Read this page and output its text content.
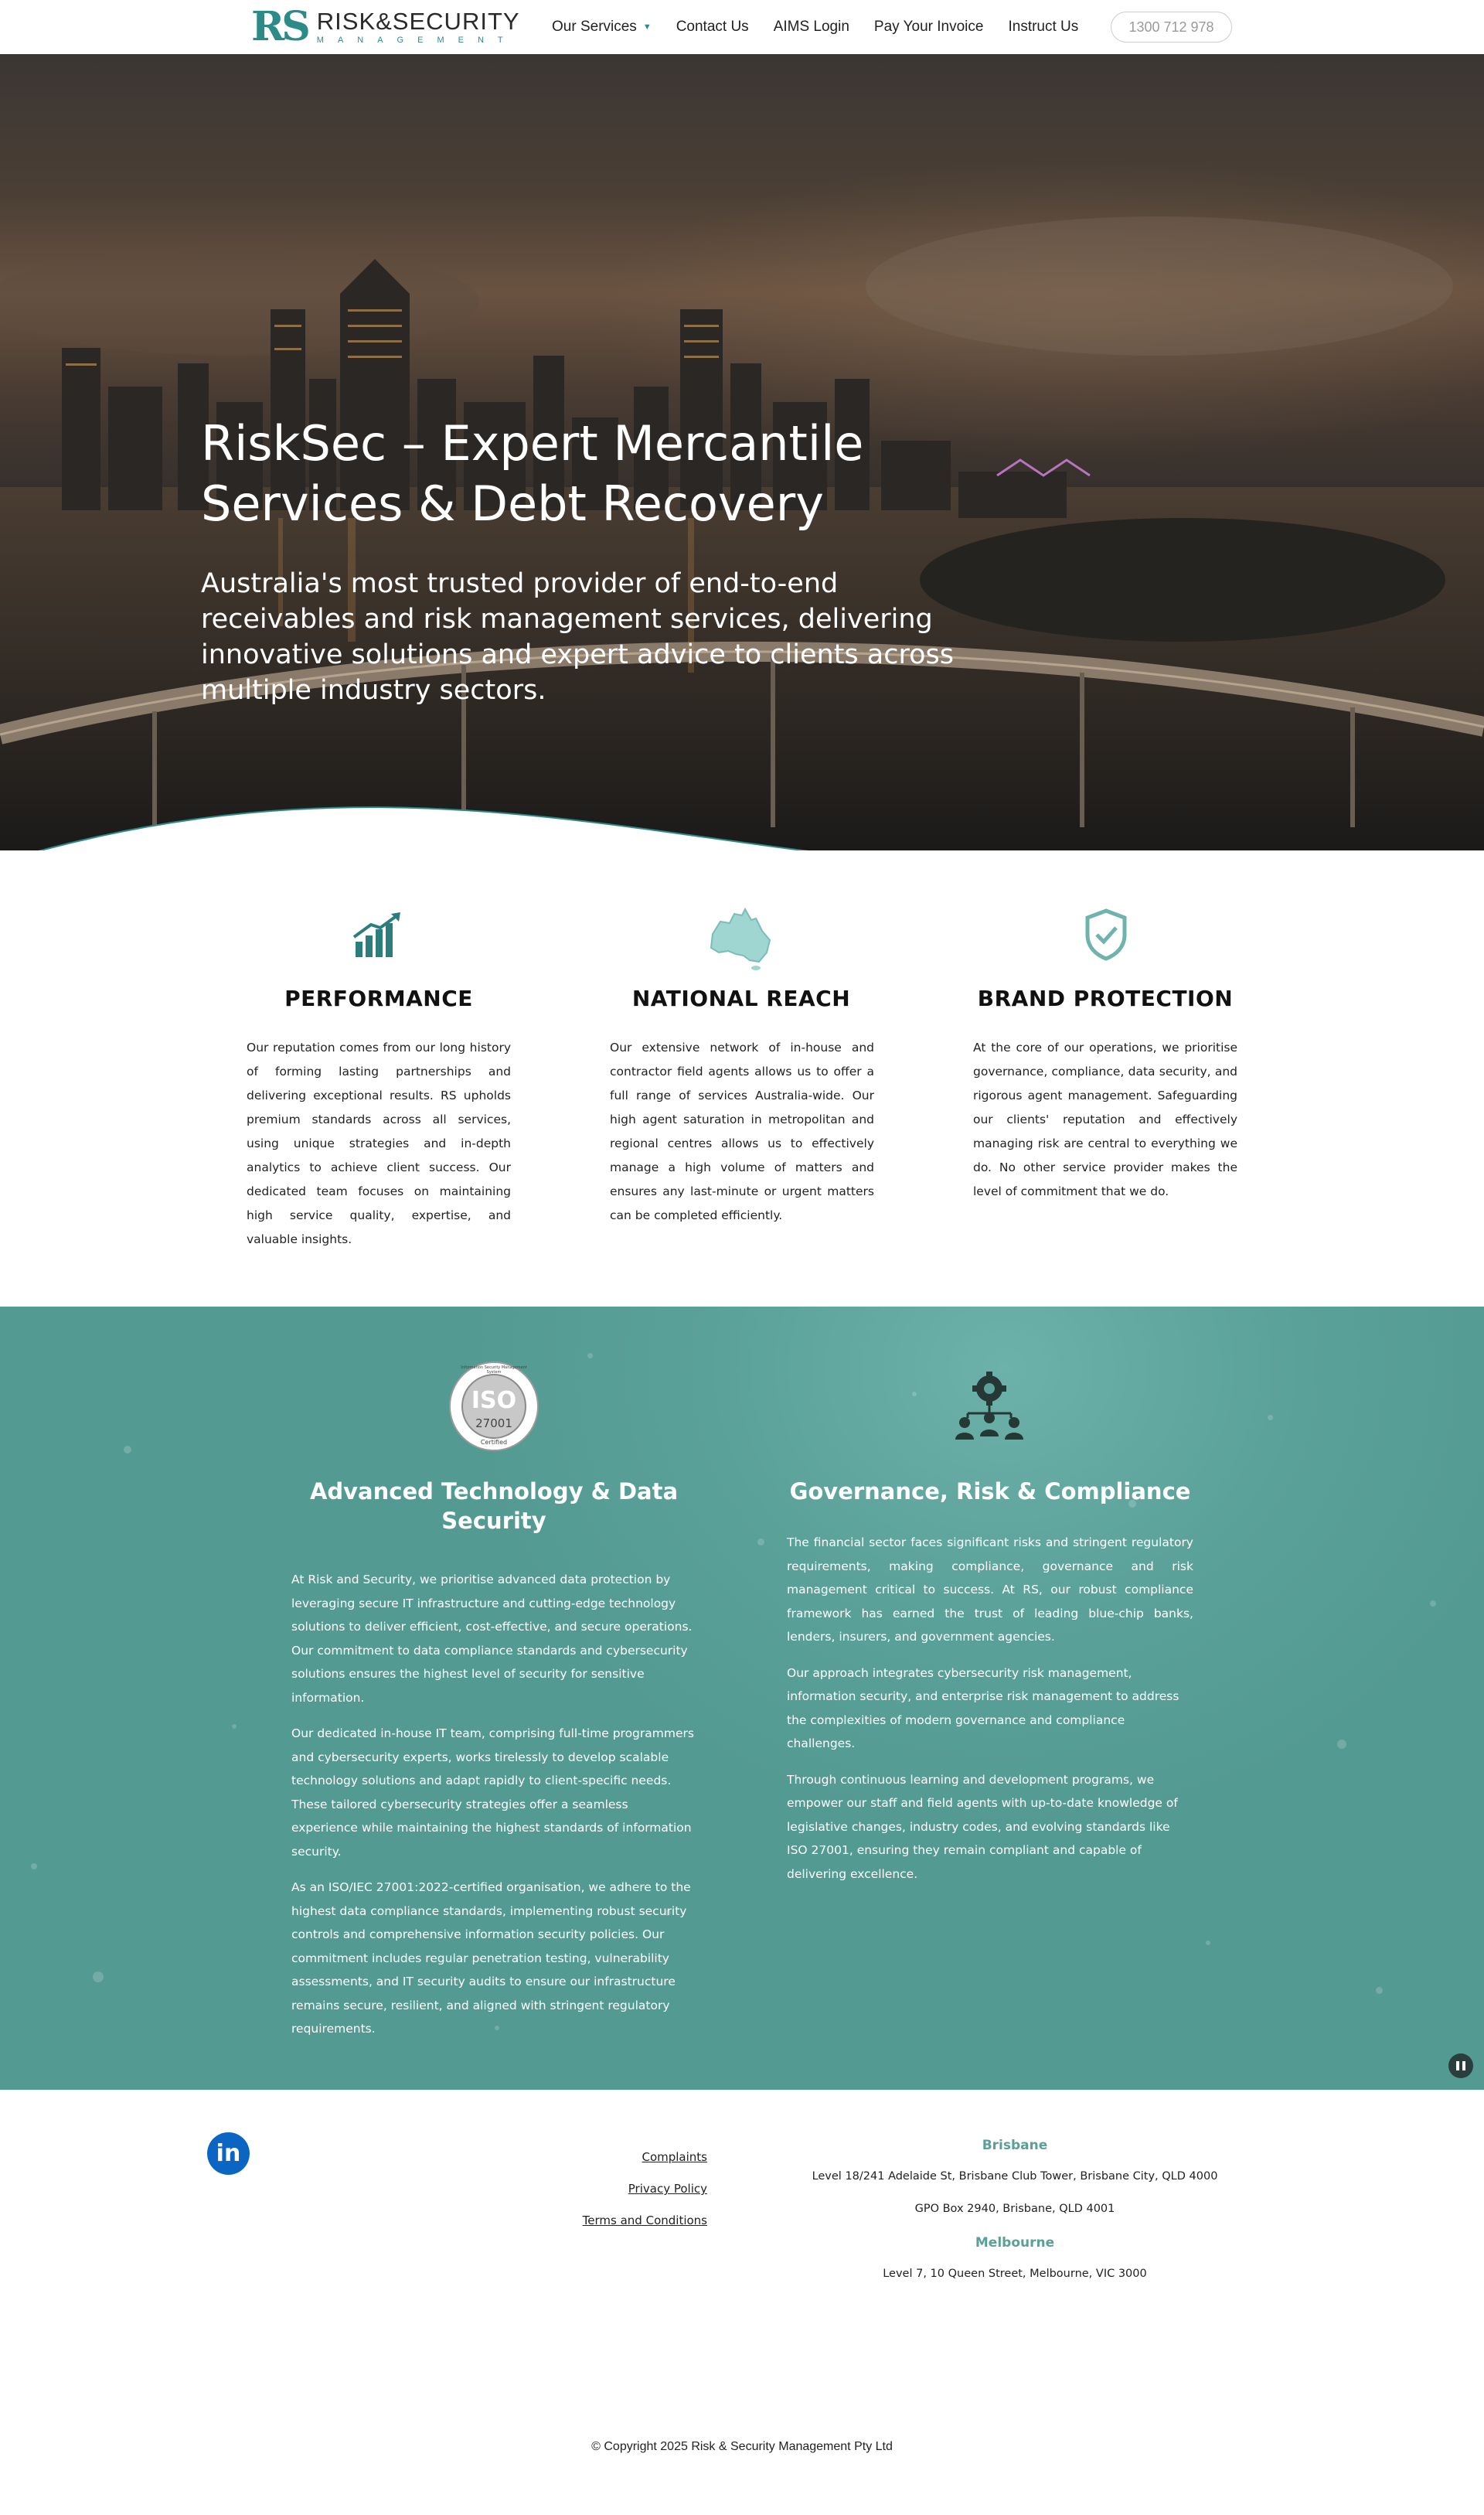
RS RISK&SECURITY
MANAGEMENT
Our Services ▼ Contact Us AIMS Login Pay Your Invoice Instruct Us	1300 712 978
RiskSec – Expert Mercantile Services & Debt Recovery

Australia's most trusted provider of end-to-end receivables and risk management services, delivering innovative solutions and expert advice to clients across multiple industry sectors.

PERFORMANCE

Our reputation comes from our long history of forming lasting partnerships and delivering exceptional results. RS upholds premium standards across all services, using unique strategies and in-depth analytics to achieve client success. Our dedicated team focuses on maintaining high service quality, expertise, and valuable insights.

NATIONAL REACH

Our extensive network of in-house and contractor field agents allows us to offer a full range of services Australia-wide. Our high agent saturation in metropolitan and regional centres allows us to effectively manage a high volume of matters and ensures any last-minute or urgent matters can be completed efficiently.

BRAND PROTECTION

At the core of our operations, we prioritise governance, compliance, data security, and rigorous agent management. Safeguarding our clients' reputation and effectively managing risk are central to everything we do. No other service provider makes the level of commitment that we do.

Information Security Management System
ISO
27001
Certified
Advanced Technology & Data Security

At Risk and Security, we prioritise advanced data protection by leveraging secure IT infrastructure and cutting-edge technology solutions to deliver efficient, cost-effective, and secure operations. Our commitment to data compliance standards and cybersecurity solutions ensures the highest level of security for sensitive information.

Our dedicated in-house IT team, comprising full-time programmers and cybersecurity experts, works tirelessly to develop scalable technology solutions and adapt rapidly to client-specific needs. These tailored cybersecurity strategies offer a seamless experience while maintaining the highest standards of information security.

As an ISO/IEC 27001:2022-certified organisation, we adhere to the highest data compliance standards, implementing robust security controls and comprehensive information security policies. Our commitment includes regular penetration testing, vulnerability assessments, and IT security audits to ensure our infrastructure remains secure, resilient, and aligned with stringent regulatory requirements.

Governance, Risk & Compliance

The financial sector faces significant risks and stringent regulatory requirements, making compliance, governance and risk management critical to success. At RS, our robust compliance framework has earned the trust of leading blue-chip banks, lenders, insurers, and government agencies.

Our approach integrates cybersecurity risk management, information security, and enterprise risk management to address the complexities of modern governance and compliance challenges.

Through continuous learning and development programs, we empower our staff and field agents with up-to-date knowledge of legislative changes, industry codes, and evolving standards like ISO 27001, ensuring they remain compliant and capable of delivering excellence.

in	Complaints
Privacy Policy
Terms and Conditions
Brisbane
Level 18/241 Adelaide St, Brisbane Club Tower, Brisbane City, QLD 4000
GPO Box 2940, Brisbane, QLD 4001
Melbourne
Level 7, 10 Queen Street, Melbourne, VIC 3000
© Copyright 2025 Risk & Security Management Pty Ltd
